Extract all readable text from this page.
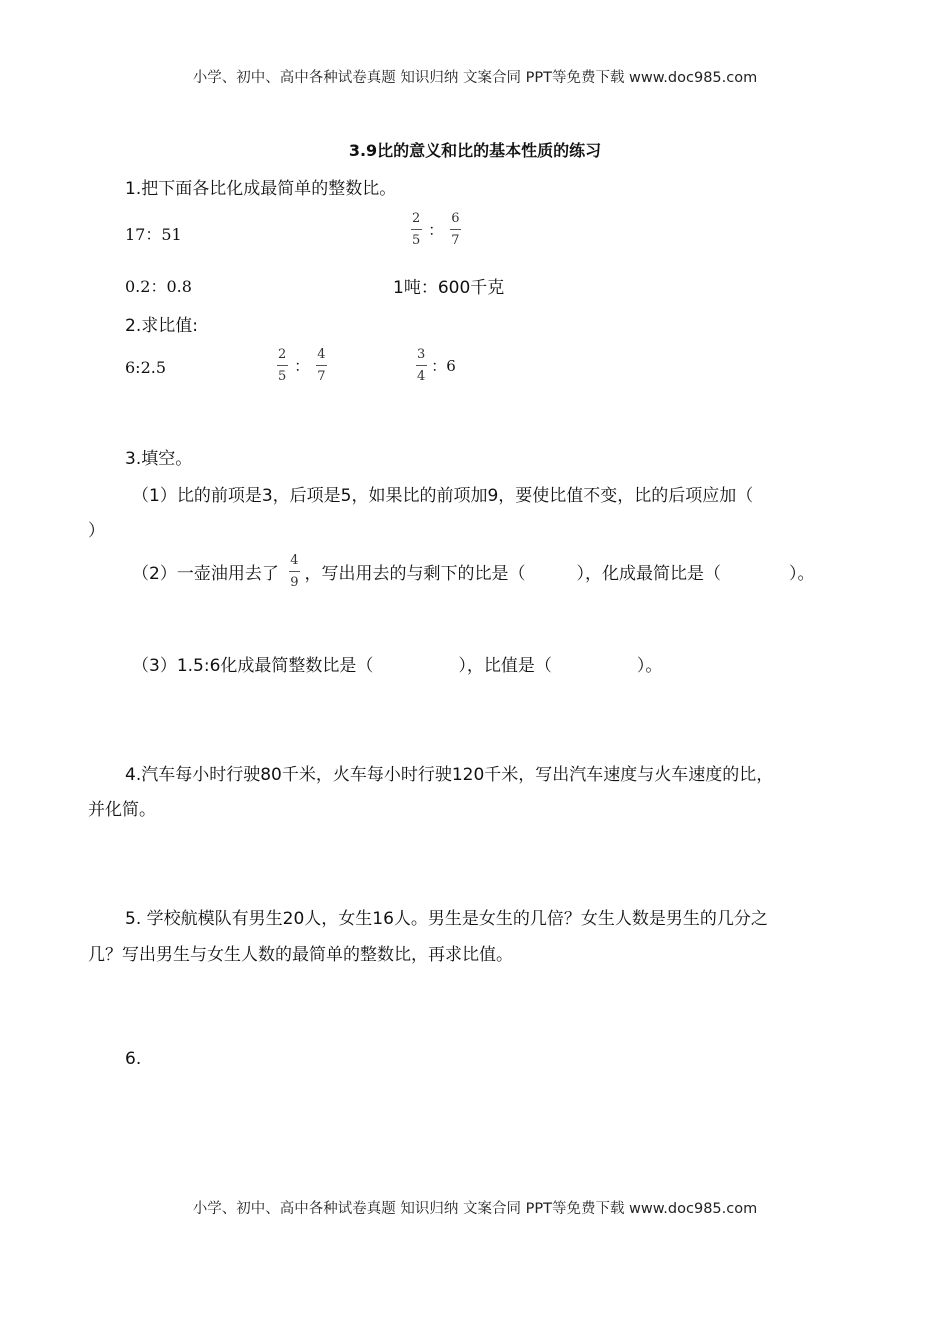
小学、初中、高中各种试卷真题 知识归纳 文案合同 PPT等免费下载 www.doc985.com
3.9比的意义和比的基本性质的练习
1.把下面各比化成最简单的整数比。
17：51	$\frac{2}{5}$ ： $\frac{6}{7}$
0.2：0.8	1吨：600千克
2.求比值:
6:2.5	$\frac{2}{5}$ ： $\frac{4}{7}$	$\frac{3}{4}$ ：6
3.填空。
（1）比的前项是3，后项是5，如果比的前项加9，要使比值不变，比的后项应加（
）
（2）一壶油用去了 $\frac{4}{9}$ ，写出用去的与剩下的比是（　　　），化成最简比是（　　　　）。
（3）1.5:6化成最简整数比是（　　　　　），比值是（　　　　　）。
4.汽车每小时行驶80千米，火车每小时行驶120千米，写出汽车速度与火车速度的比，
并化简。
5. 学校航模队有男生20人，女生16人。男生是女生的几倍？女生人数是男生的几分之
几？写出男生与女生人数的最简单的整数比，再求比值。
6.
小学、初中、高中各种试卷真题 知识归纳 文案合同 PPT等免费下载 www.doc985.com
